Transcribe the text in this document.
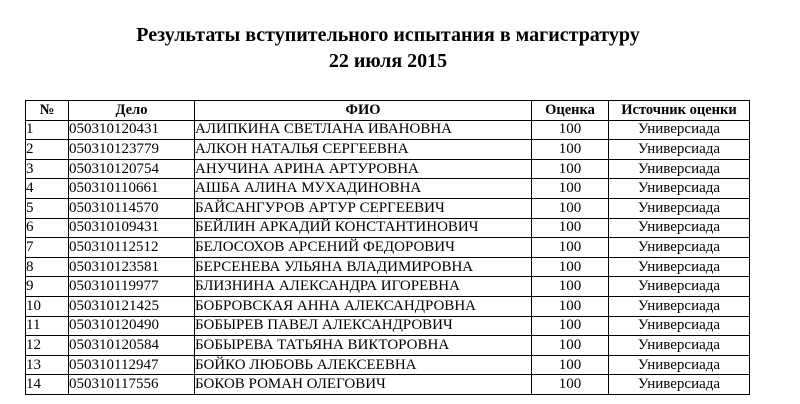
Результаты вступительного испытания в магистратуру
22 июля 2015
№	Дело	ФИО	Оценка	Источник оценки
1	050310120431	АЛИПКИНА СВЕТЛАНА ИВАНОВНА	100	Универсиада
2	050310123779	АЛКОН НАТАЛЬЯ СЕРГЕЕВНА	100	Универсиада
3	050310120754	АНУЧИНА АРИНА АРТУРОВНА	100	Универсиада
4	050310110661	АШБА АЛИНА МУХАДИНОВНА	100	Универсиада
5	050310114570	БАЙСАНГУРОВ АРТУР СЕРГЕЕВИЧ	100	Универсиада
6	050310109431	БЕЙЛИН АРКАДИЙ КОНСТАНТИНОВИЧ	100	Универсиада
7	050310112512	БЕЛОСОХОВ АРСЕНИЙ ФЕДОРОВИЧ	100	Универсиада
8	050310123581	БЕРСЕНЕВА УЛЬЯНА ВЛАДИМИРОВНА	100	Универсиада
9	050310119977	БЛИЗНИНА АЛЕКСАНДРА ИГОРЕВНА	100	Универсиада
10	050310121425	БОБРОВСКАЯ АННА АЛЕКСАНДРОВНА	100	Универсиада
11	050310120490	БОБЫРЕВ ПАВЕЛ АЛЕКСАНДРОВИЧ	100	Универсиада
12	050310120584	БОБЫРЕВА ТАТЬЯНА ВИКТОРОВНА	100	Универсиада
13	050310112947	БОЙКО ЛЮБОВЬ АЛЕКСЕЕВНА	100	Универсиада
14	050310117556	БОКОВ РОМАН ОЛЕГОВИЧ	100	Универсиада
